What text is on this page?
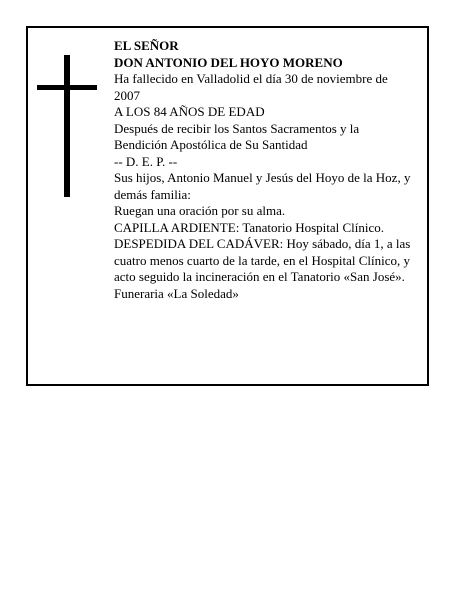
EL SEÑOR

DON ANTONIO DEL HOYO MORENO

Ha fallecido en Valladolid el día 30 de noviembre de 2007

A LOS 84 AÑOS DE EDAD

Después de recibir los Santos Sacramentos y la Bendición Apostólica de Su Santidad

-- D. E. P. --

Sus hijos, Antonio Manuel y Jesús del Hoyo de la Hoz, y demás familia:

Ruegan una oración por su alma.

CAPILLA ARDIENTE: Tanatorio Hospital Clínico.

DESPEDIDA DEL CADÁVER: Hoy sábado, día 1, a las cuatro menos cuarto de la tarde, en el Hospital Clínico, y acto seguido la incineración en el Tanatorio «San José».

Funeraria «La Soledad»
